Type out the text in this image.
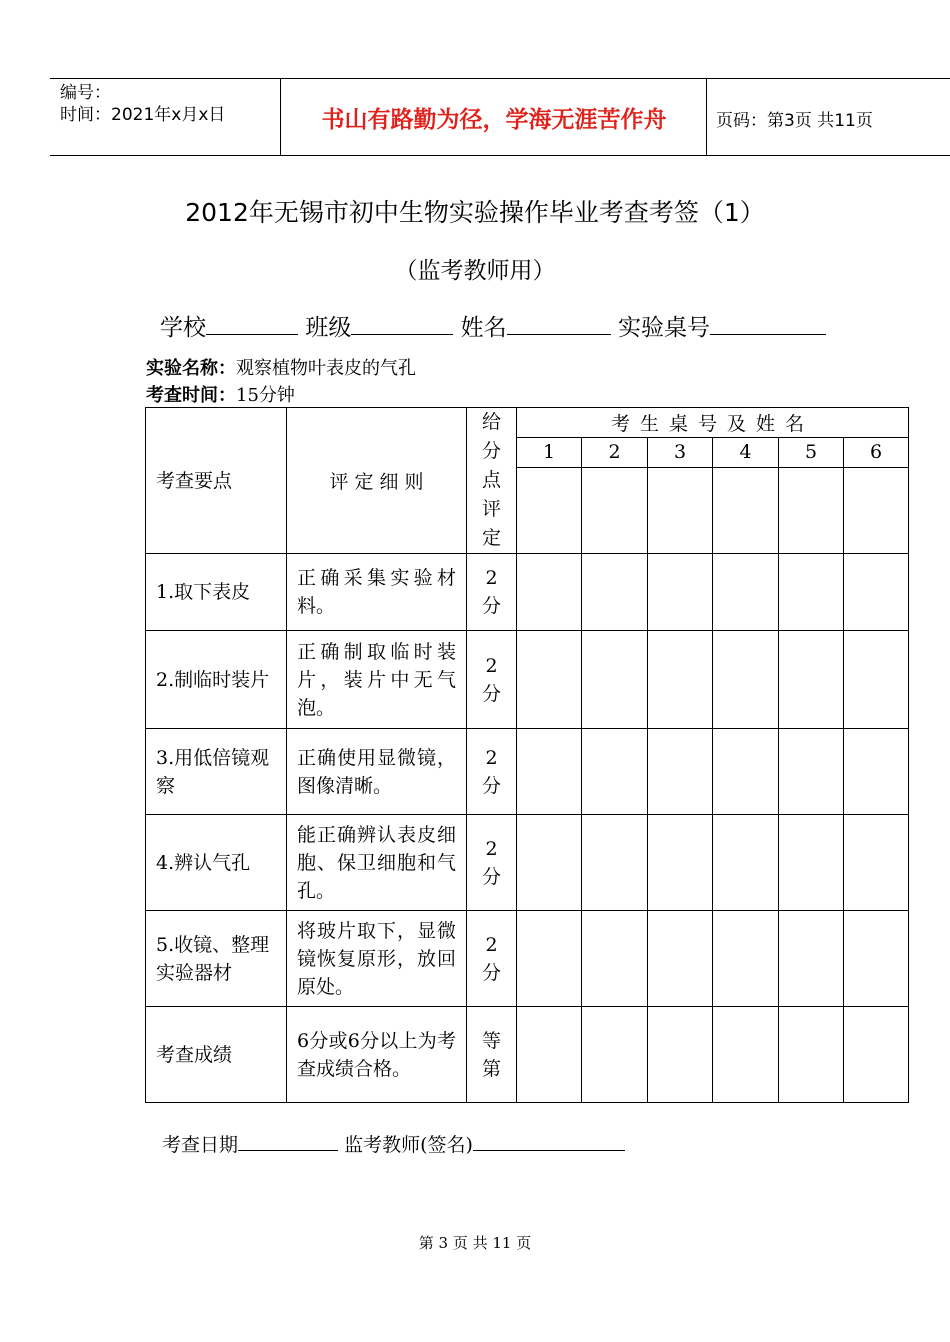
编号：
时间：2021年x月x日	书山有路勤为径，学海无涯苦作舟	页码：第3页 共11页
2012年无锡市初中生物实验操作毕业考查考签（1）
（监考教师用）
学校	班级	姓名	实验桌号
实验名称：观察植物叶表皮的气孔
考查时间：15分钟
考查要点	评 定 细 则	给分点评定	考生桌号及姓名					
			1	2	3	4	5	6

1.取下表皮	正确采集实验材料。	2分						

2.制临时装片	正确制取临时装片，装片中无气泡。	2分						

3.用低倍镜观察	正确使用显微镜，图像清晰。	2分						

4.辨认气孔	能正确辨认表皮细胞、保卫细胞和气孔。	2分						

5.收镜、整理实验器材	将玻片取下，显微镜恢复原形，放回原处。	2分						

考查成绩	6分或6分以上为考查成绩合格。	等第						

考查日期	监考教师(签名)
第 3 页 共 11 页
